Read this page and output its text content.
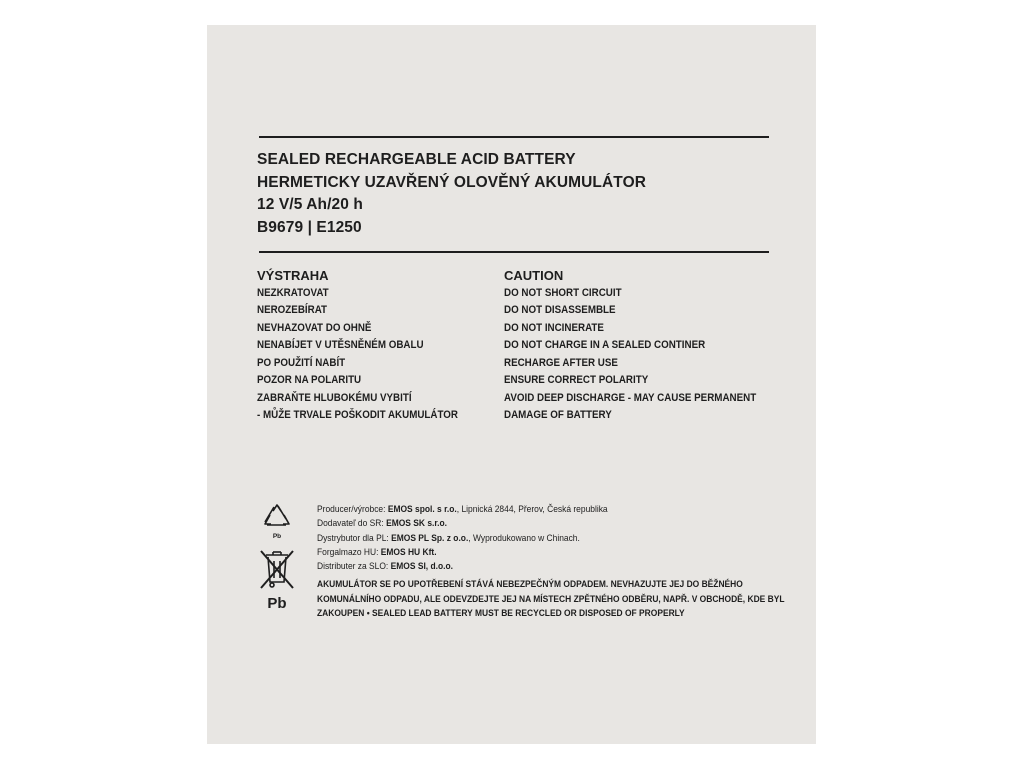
SEALED RECHARGEABLE ACID BATTERY
HERMETICKY UZAVŘENÝ OLOVĚNÝ AKUMULÁTOR
12 V/5 Ah/20 h
B9679 | E1250
VÝSTRAHA
NEZKRATOVAT
NEROZEBÍRAT
NEVHAZOVAT DO OHNĚ
NENABÍJET V UTĚSNĚNÉM OBALU
PO POUŽITÍ NABÍT
POZOR NA POLARITU
ZABRAŇTE HLUBOKÉMU VYBITÍ
- MŮŽE TRVALE POŠKODIT AKUMULÁTOR
CAUTION
DO NOT SHORT CIRCUIT
DO NOT DISASSEMBLE
DO NOT INCINERATE
DO NOT CHARGE IN A SEALED CONTINER
RECHARGE AFTER USE
ENSURE CORRECT POLARITY
AVOID DEEP DISCHARGE - MAY CAUSE PERMANENT
DAMAGE OF BATTERY
Pb
Pb
Producer/výrobce: EMOS spol. s r.o., Lipnická 2844, Přerov, Česká republika
Dodavateľ do SR: EMOS SK s.r.o.
Dystrybutor dla PL: EMOS PL Sp. z o.o., Wyprodukowano w Chinach.
Forgalmazo HU: EMOS HU Kft.
Distributer za SLO: EMOS SI, d.o.o.
AKUMULÁTOR SE PO UPOTŘEBENÍ STÁVÁ NEBEZPEČNÝM ODPADEM. NEVHAZUJTE JEJ DO BĚŽNÉHO
KOMUNÁLNÍHO ODPADU, ALE ODEVZDEJTE JEJ NA MÍSTECH ZPĚTNÉHO ODBĚRU, NAPŘ. V OBCHODĚ, KDE BYL
ZAKOUPEN • SEALED LEAD BATTERY MUST BE RECYCLED OR DISPOSED OF PROPERLY
